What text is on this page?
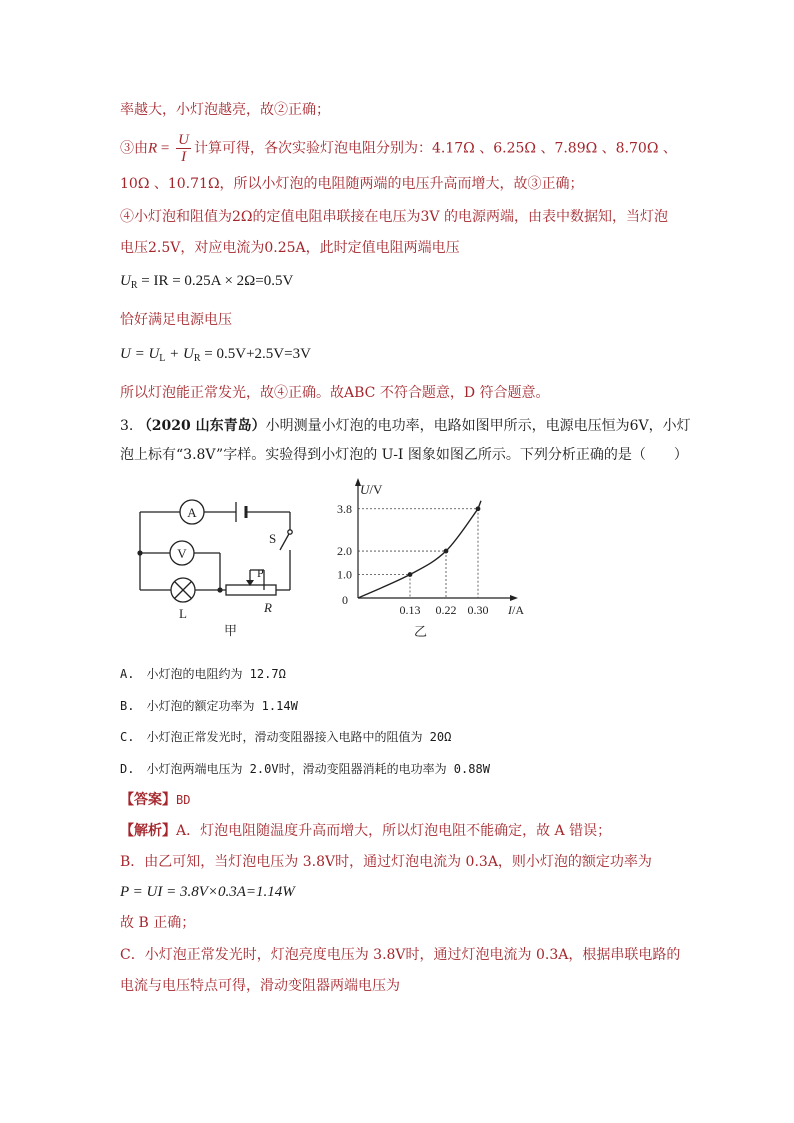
率越大，小灯泡越亮，故②正确；
③由$R = \frac{U}{I}$ 计算可得，各次实验灯泡电阻分别为：4.17Ω 、6.25Ω 、7.89Ω 、8.70Ω 、
10Ω 、10.71Ω，所以小灯泡的电阻随两端的电压升高而增大，故③正确；
④小灯泡和阻值为2Ω的定值电阻串联接在电压为3V 的电源两端，由表中数据知，当灯泡
电压2.5V，对应电流为0.25A，此时定值电阻两端电压
$U_R$ = IR = 0.25A × 2Ω=0.5V
恰好满足电源电压
$U = U_L + U_R = 0.5V+2.5V=3V$
所以灯泡能正常发光，故④正确。故ABC 不符合题意，D 符合题意。
3. （2020 山东青岛）小明测量小灯泡的电功率，电路如图甲所示，电源电压恒为6V，小灯
泡上标有“3.8V”字样。实验得到小灯泡的 U-I 图象如图乙所示。下列分析正确的是（　　）
A
V
S
P
L	R
甲
0.13 0.22 0.30
1.0
2.0
3.8
0
I/A
U/V
乙
A.　小灯泡的电阻约为 12.7Ω
B.　小灯泡的额定功率为 1.14W
C.　小灯泡正常发光时，滑动变阻器接入电路中的阻值为 20Ω
D.　小灯泡两端电压为 2.0V时，滑动变阻器消耗的电功率为 0.88W
【答案】BD
【解析】A．灯泡电阻随温度升高而增大，所以灯泡电阻不能确定，故 A 错误；
B．由乙可知，当灯泡电压为 3.8V时，通过灯泡电流为 0.3A，则小灯泡的额定功率为
P = UI = 3.8V×0.3A=1.14W
故 B 正确；
C．小灯泡正常发光时，灯泡亮度电压为 3.8V时，通过灯泡电流为 0.3A，根据串联电路的
电流与电压特点可得，滑动变阻器两端电压为
